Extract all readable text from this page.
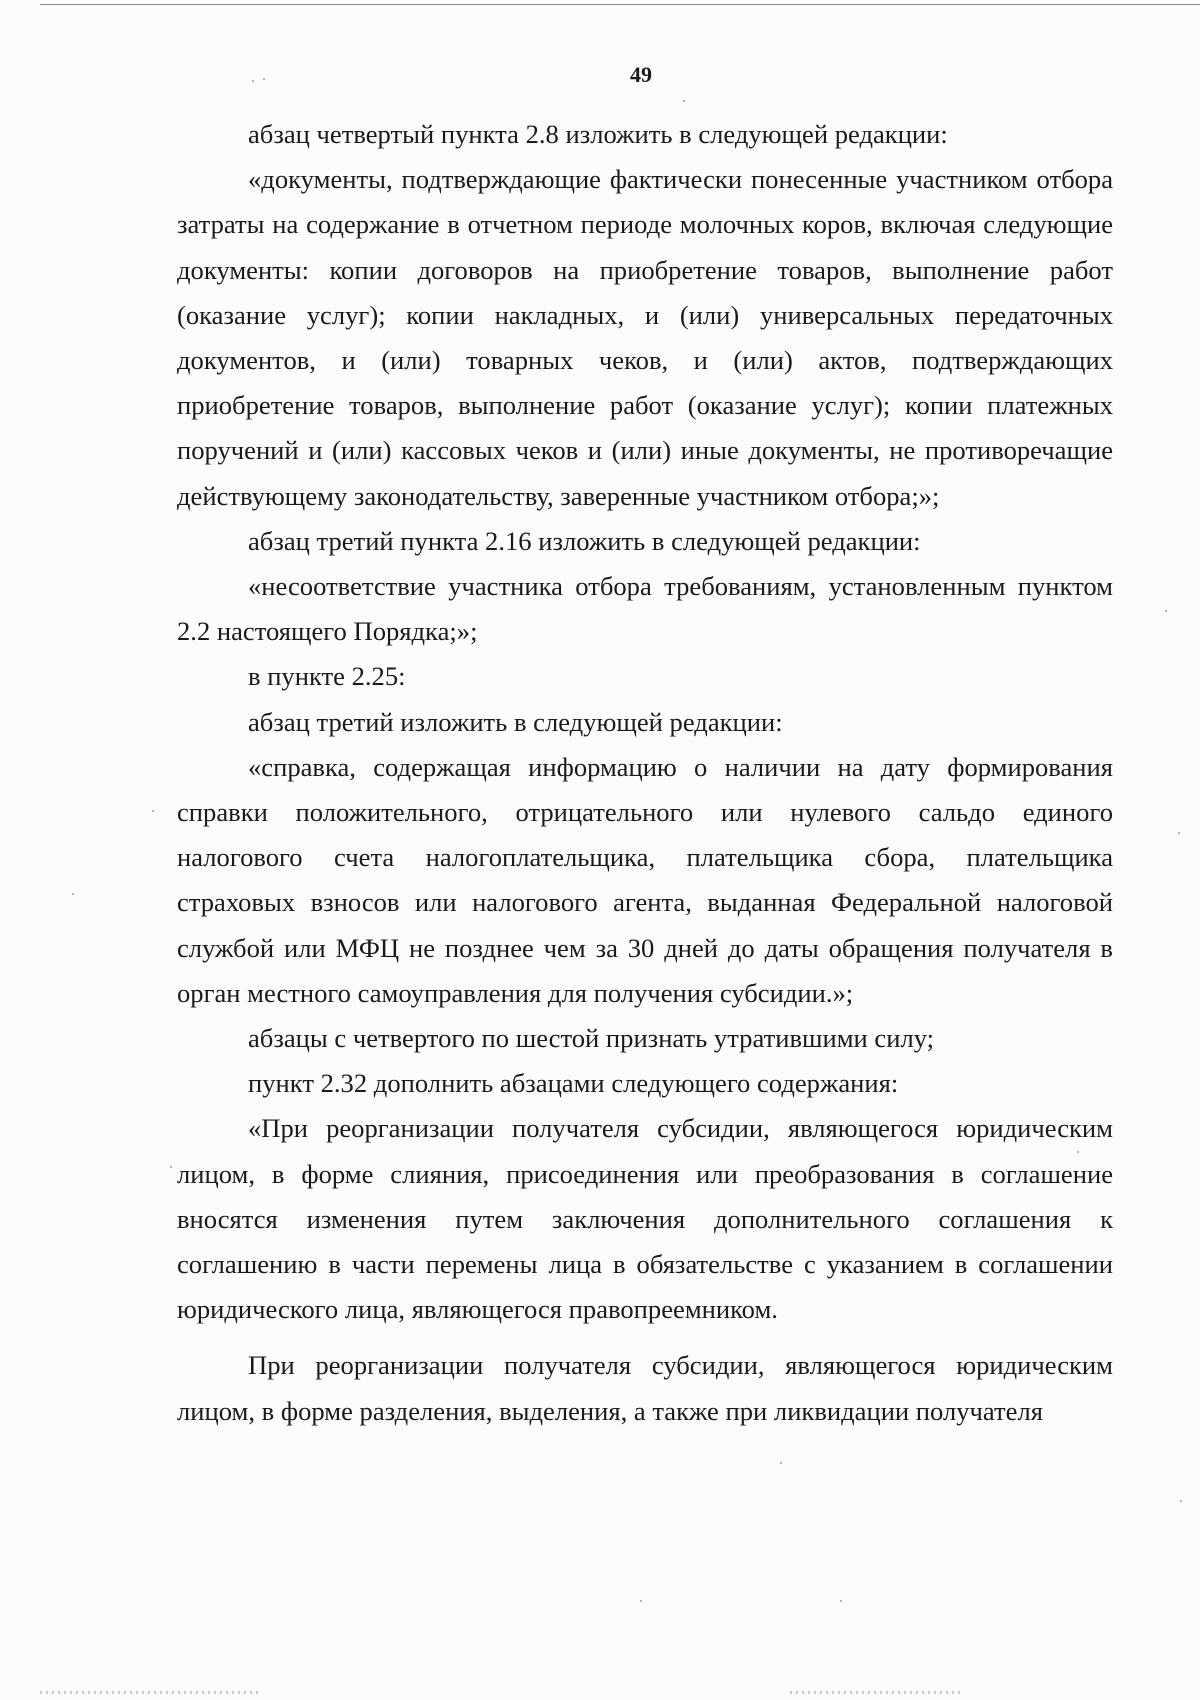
49

абзац четвертый пункта 2.8 изложить в следующей редакции:

«документы, подтверждающие фактически понесенные участником отбора затраты на содержание в отчетном периоде молочных коров, включая следующие документы: копии договоров на приобретение товаров, выполнение работ (оказание услуг); копии накладных, и (или) универсальных передаточных документов, и (или) товарных чеков, и (или) актов, подтверждающих приобретение товаров, выполнение работ (оказание услуг); копии платежных поручений и (или) кассовых чеков и (или) иные документы, не противоречащие действующему законодательству, заверенные участником отбора;»;

абзац третий пункта 2.16 изложить в следующей редакции:

«несоответствие участника отбора требованиям, установленным пунктом 2.2 настоящего Порядка;»;

в пункте 2.25:

абзац третий изложить в следующей редакции:

«справка, содержащая информацию о наличии на дату формирования справки положительного, отрицательного или нулевого сальдо единого налогового счета налогоплательщика, плательщика сбора, плательщика страховых взносов или налогового агента, выданная Федеральной налоговой службой или МФЦ не позднее чем за 30 дней до даты обращения получателя в орган местного самоуправления для получения субсидии.»;

абзацы с четвертого по шестой признать утратившими силу;

пункт 2.32 дополнить абзацами следующего содержания:

«При реорганизации получателя субсидии, являющегося юридическим лицом, в форме слияния, присоединения или преобразования в соглашение вносятся изменения путем заключения дополнительного соглашения к соглашению в части перемены лица в обязательстве с указанием в соглашении юридического лица, являющегося правопреемником.

При реорганизации получателя субсидии, являющегося юридическим лицом, в форме разделения, выделения, а также при ликвидации получателя
